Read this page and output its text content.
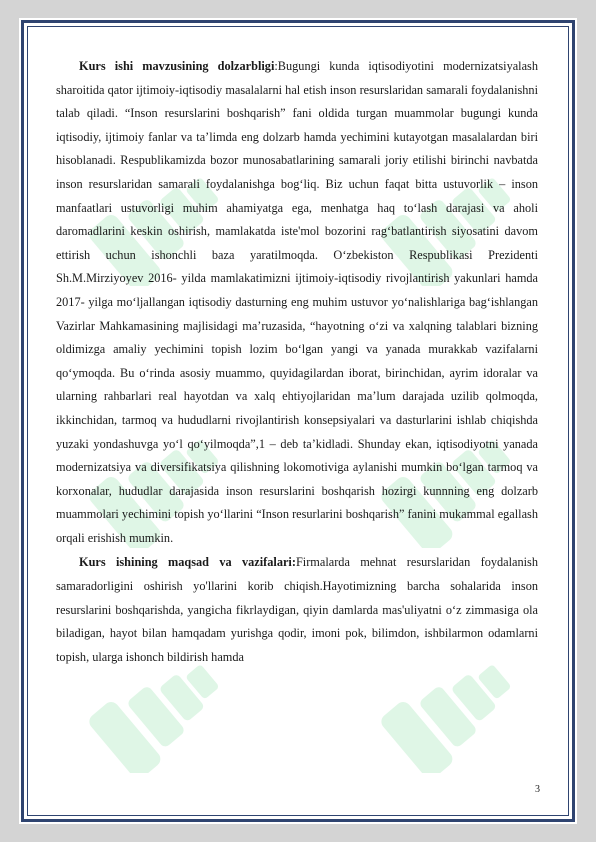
Kurs ishi mavzusining dolzarbligi:Bugungi kunda iqtisodiyotini modernizatsiyalash sharoitida qator ijtimoiy-iqtisodiy masalalarni hal etish inson resurslaridan samarali foydalanishni talab qiladi. “Inson resurslarini boshqarish” fani oldida turgan muammolar bugungi kunda iqtisodiy, ijtimoiy fanlar va ta’limda eng dolzarb hamda yechimini kutayotgan masalalardan biri hisoblanadi. Respublikamizda bozor munosabatlarining samarali joriy etilishi birinchi navbatda inson resurslaridan samarali foydalanishga bog‘liq. Biz uchun faqat bitta ustuvorlik – inson manfaatlari ustuvorligi muhim ahamiyatga ega, menhatga haq to‘lash darajasi va aholi daromadlarini keskin oshirish, mamlakatda iste'mol bozorini rag‘batlantirish siyosatini davom ettirish uchun ishonchli baza yaratilmoqda. O‘zbekiston Respublikasi Prezidenti Sh.M.Mirziyoyev 2016- yilda mamlakatimizni ijtimoiy-iqtisodiy rivojlantirish yakunlari hamda 2017- yilga mo‘ljallangan iqtisodiy dasturning eng muhim ustuvor yo‘nalishlariga bag‘ishlangan Vazirlar Mahkamasining majlisidagi ma’ruzasida, “hayotning o‘zi va xalqning talablari bizning oldimizga amaliy yechimini topish lozim bo‘lgan yangi va yanada murakkab vazifalarni qo‘ymoqda. Bu o‘rinda asosiy muammo, quyidagilardan iborat, birinchidan, ayrim idoralar va ularning rahbarlari real hayotdan va xalq ehtiyojlaridan ma’lum darajada uzilib qolmoqda, ikkinchidan, tarmoq va hududlarni rivojlantirish konsepsiyalari va dasturlarini ishlab chiqishda yuzaki yondashuvga yo‘l qo‘yilmoqda”,1 – deb ta’kidladi. Shunday ekan, iqtisodiyotni yanada modernizatsiya va diversifikatsiya qilishning lokomotiviga aylanishi mumkin bo‘lgan tarmoq va korxonalar, hududlar darajasida inson resurslarini boshqarish hozirgi kunnning eng dolzarb muammolari yechimini topish yo‘llarini “Inson resurlarini boshqarish” fanini mukammal egallash orqali erishish mumkin.

Kurs ishining maqsad va vazifalari:Firmalarda mehnat resurslaridan foydalanish samaradorligini oshirish yo'llarini korib chiqish.Hayotimizning barcha sohalarida inson resurslarini boshqarishda, yangicha fikrlaydigan, qiyin damlarda mas'uliyatni o‘z zimmasiga ola biladigan, hayot bilan hamqadam yurishga qodir, imoni pok, bilimdon, ishbilarmon odamlarni topish, ularga ishonch bildirish hamda

3
